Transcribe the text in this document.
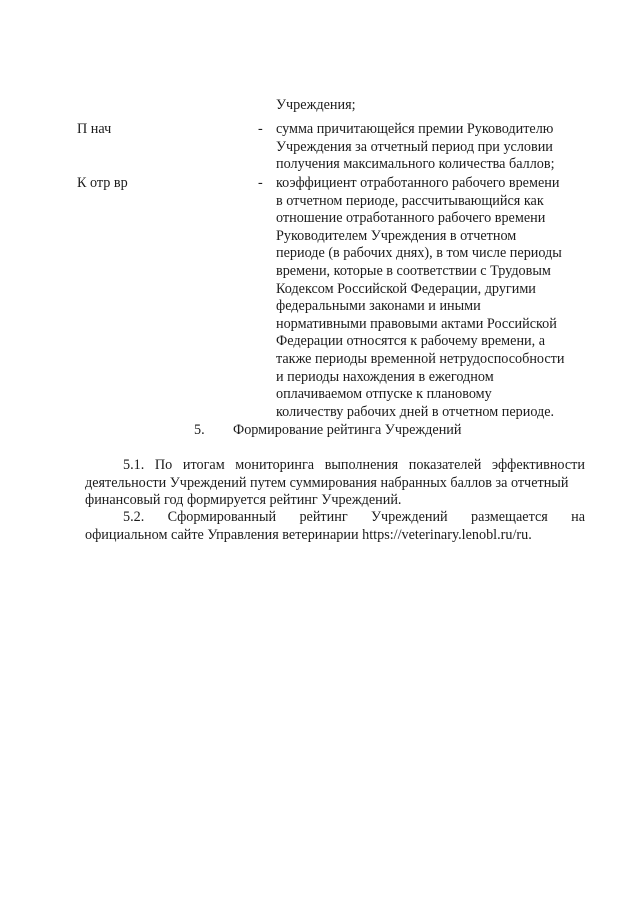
Учреждения;
П нач	- сумма причитающейся премии Руководителю
Учреждения за отчетный период при условии
получения максимального количества баллов;
К отр вр	- коэффициент отработанного рабочего времени
в отчетном периоде, рассчитывающийся как
отношение отработанного рабочего времени
Руководителем Учреждения в отчетном
периоде (в рабочих днях), в том числе периоды
времени, которые в соответствии с Трудовым
Кодексом Российской Федерации, другими
федеральными законами и иными
нормативными правовыми актами Российской
Федерации относятся к рабочему времени, а
также периоды временной нетрудоспособности
и периоды нахождения в ежегодном
оплачиваемом отпуске к плановому
количеству рабочих дней в отчетном периоде.
5. Формирование рейтинга Учреждений
5.1. По итогам мониторинга выполнения показателей эффективности
деятельности Учреждений путем суммирования набранных баллов за отчетный
финансовый год формируется рейтинг Учреждений.
5.2. Сформированный рейтинг Учреждений размещается на
официальном сайте Управления ветеринарии https://veterinary.lenobl.ru/ru.
